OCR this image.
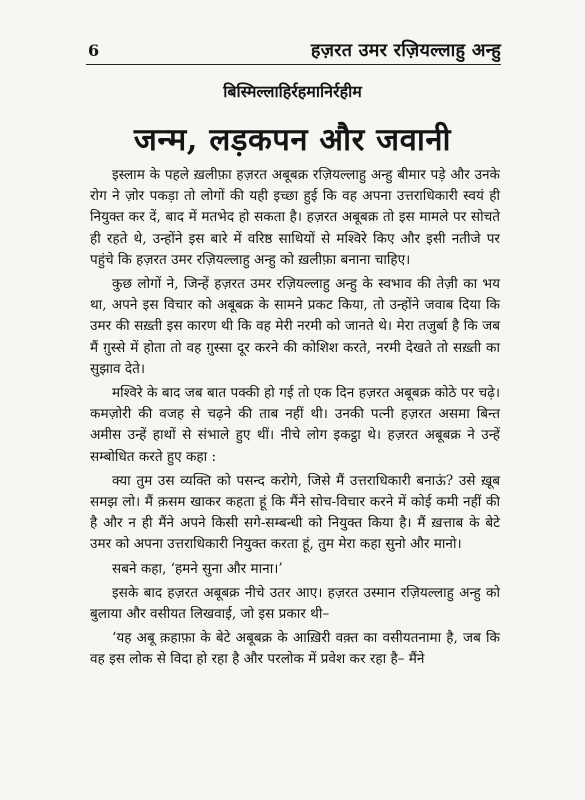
6	हज़रत उमर रज़ियल्लाहु अन्हु
बिस्मिल्लाहिर्रहमानिर्रहीम
जन्म, लड़कपन और जवानी

इस्लाम के पहले ख़लीफ़ा हज़रत अबूबक्र रज़ियल्लाहु अन्हु बीमार पड़े और उनके रोग ने ज़ोर पकड़ा तो लोगों की यही इच्छा हुई कि वह अपना उत्तराधिकारी स्वयं ही नियुक्त कर दें, बाद में मतभेद हो सकता है। हज़रत अबूबक्र तो इस मामले पर सोचते ही रहते थे, उन्होंने इस बारे में वरिष्ठ साथियों से मश्विरे किए और इसी नतीजे पर पहुंचे कि हज़रत उमर रज़ियल्लाहु अन्हु को ख़लीफ़ा बनाना चाहिए।

कुछ लोगों ने, जिन्हें हज़रत उमर रज़ियल्लाहु अन्हु के स्वभाव की तेज़ी का भय था, अपने इस विचार को अबूबक्र के सामने प्रकट किया, तो उन्होंने जवाब दिया कि उमर की सख़्ती इस कारण थी कि वह मेरी नरमी को जानते थे। मेरा तजुर्बा है कि जब मैं ग़ुस्से में होता तो वह ग़ुस्सा दूर करने की कोशिश करते, नरमी देखते तो सख़्ती का सुझाव देते।

मश्विरे के बाद जब बात पक्की हो गई तो एक दिन हज़रत अबूबक्र कोठे पर चढ़े। कमज़ोरी की वजह से चढ़ने की ताब नहीं थी। उनकी पत्नी हज़रत असमा बिन्त अमीस उन्हें हाथों से संभाले हुए थीं। नीचे लोग इकट्ठा थे। हज़रत अबूबक्र ने उन्हें सम्बोधित करते हुए कहा :

क्या तुम उस व्यक्ति को पसन्द करोगे, जिसे मैं उत्तराधिकारी बनाऊं? उसे ख़ूब समझ लो। मैं क़सम खाकर कहता हूं कि मैंने सोच-विचार करने में कोई कमी नहीं की है और न ही मैंने अपने किसी सगे-सम्बन्धी को नियुक्त किया है। मैं ख़त्ताब के बेटे उमर को अपना उत्तराधिकारी नियुक्त करता हूं, तुम मेरा कहा सुनो और मानो।

सबने कहा, ‘हमने सुना और माना।’

इसके बाद हज़रत अबूबक्र नीचे उतर आए। हज़रत उस्मान रज़ियल्लाहु अन्हु को बुलाया और वसीयत लिखवाई, जो इस प्रकार थी–

‘यह अबू क़हाफ़ा के बेटे अबूबक्र के आख़िरी वक़्त का वसीयतनामा है, जब कि वह इस लोक से विदा हो रहा है और परलोक में प्रवेश कर रहा है– मैंने
